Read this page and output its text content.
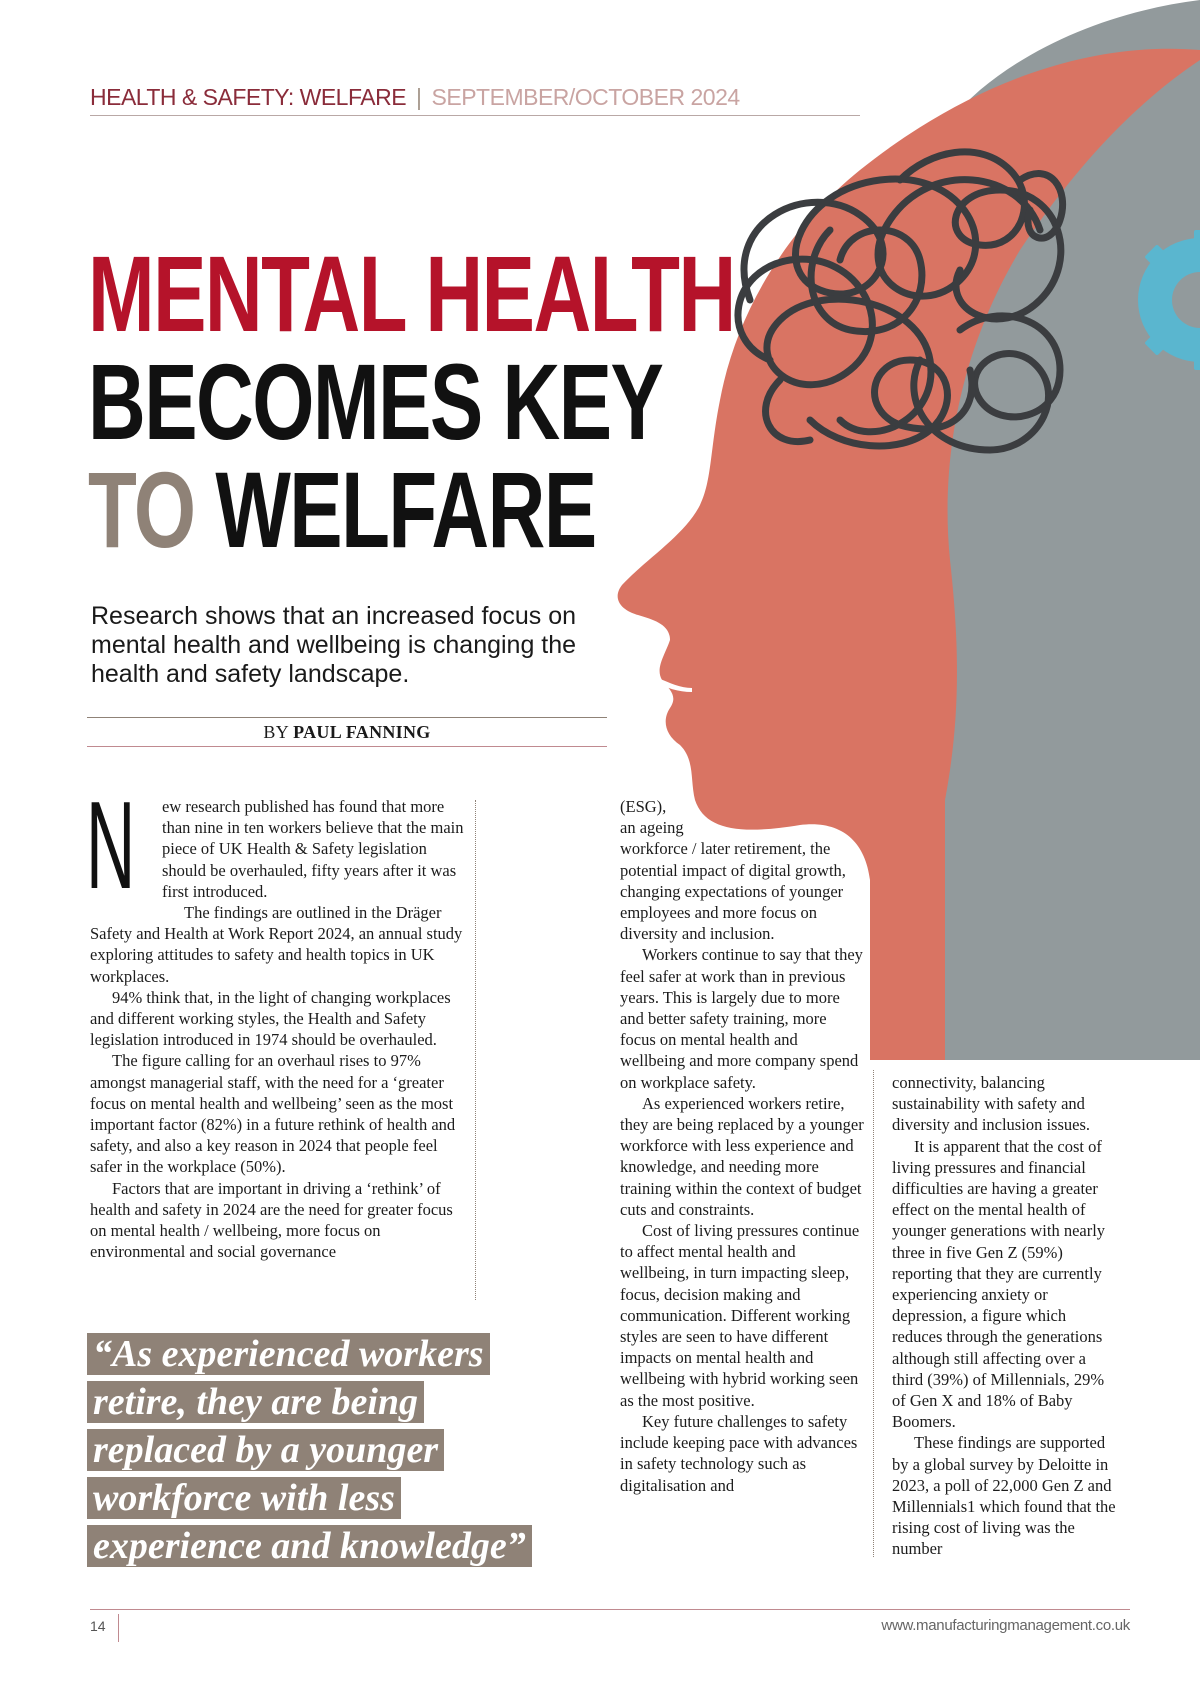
HEALTH & SAFETY: WELFARE | SEPTEMBER/OCTOBER 2024
MENTAL HEALTH
BECOMES KEY
TO WELFARE
Research shows that an increased focus on mental health and wellbeing is changing the health and safety landscape.
BY PAUL FANNING
N	ew research published has found that more than nine in ten workers believe that the main piece of UK Health & Safety legislation should be overhauled, fifty years after it was first introduced.

The findings are outlined in the Dräger Safety and Health at Work Report 2024, an annual study exploring attitudes to safety and health topics in UK workplaces.

94% think that, in the light of changing workplaces and different working styles, the Health and Safety legislation introduced in 1974 should be overhauled.

The figure calling for an overhaul rises to 97% amongst managerial staff, with the need for a ‘greater focus on mental health and wellbeing’ seen as the most important factor (82%) in a future rethink of health and safety, and also a key reason in 2024 that people feel safer in the workplace (50%).

Factors that are important in driving a ‘rethink’ of health and safety in 2024 are the need for greater focus on mental health / wellbeing, more focus on environmental and social governance

(ESG),

an ageing

workforce / later retirement, the potential impact of digital growth, changing expectations of younger employees and more focus on diversity and inclusion.

Workers continue to say that they feel safer at work than in previous years. This is largely due to more and better safety training, more focus on mental health and wellbeing and more company spend on workplace safety.

As experienced workers retire, they are being replaced by a younger workforce with less experience and knowledge, and needing more training within the context of budget cuts and constraints.

Cost of living pressures continue to affect mental health and wellbeing, in turn impacting sleep, focus, decision making and communication. Different working styles are seen to have different impacts on mental health and wellbeing with hybrid working seen as the most positive.

Key future challenges to safety include keeping pace with advances in safety technology such as digitalisation and

connectivity, balancing sustainability with safety and diversity and inclusion issues.

It is apparent that the cost of living pressures and financial difficulties are having a greater effect on the mental health of younger generations with nearly three in five Gen Z (59%) reporting that they are currently experiencing anxiety or depression, a figure which reduces through the generations although still affecting over a third (39%) of Millennials, 29% of Gen X and 18% of Baby Boomers.

These findings are supported by a global survey by Deloitte in 2023, a poll of 22,000 Gen Z and Millennials1 which found that the rising cost of living was the number

“As experienced workers
retire, they are being
replaced by a younger
workforce with less
experience and knowledge”
14	www.manufacturingmanagement.co.uk
